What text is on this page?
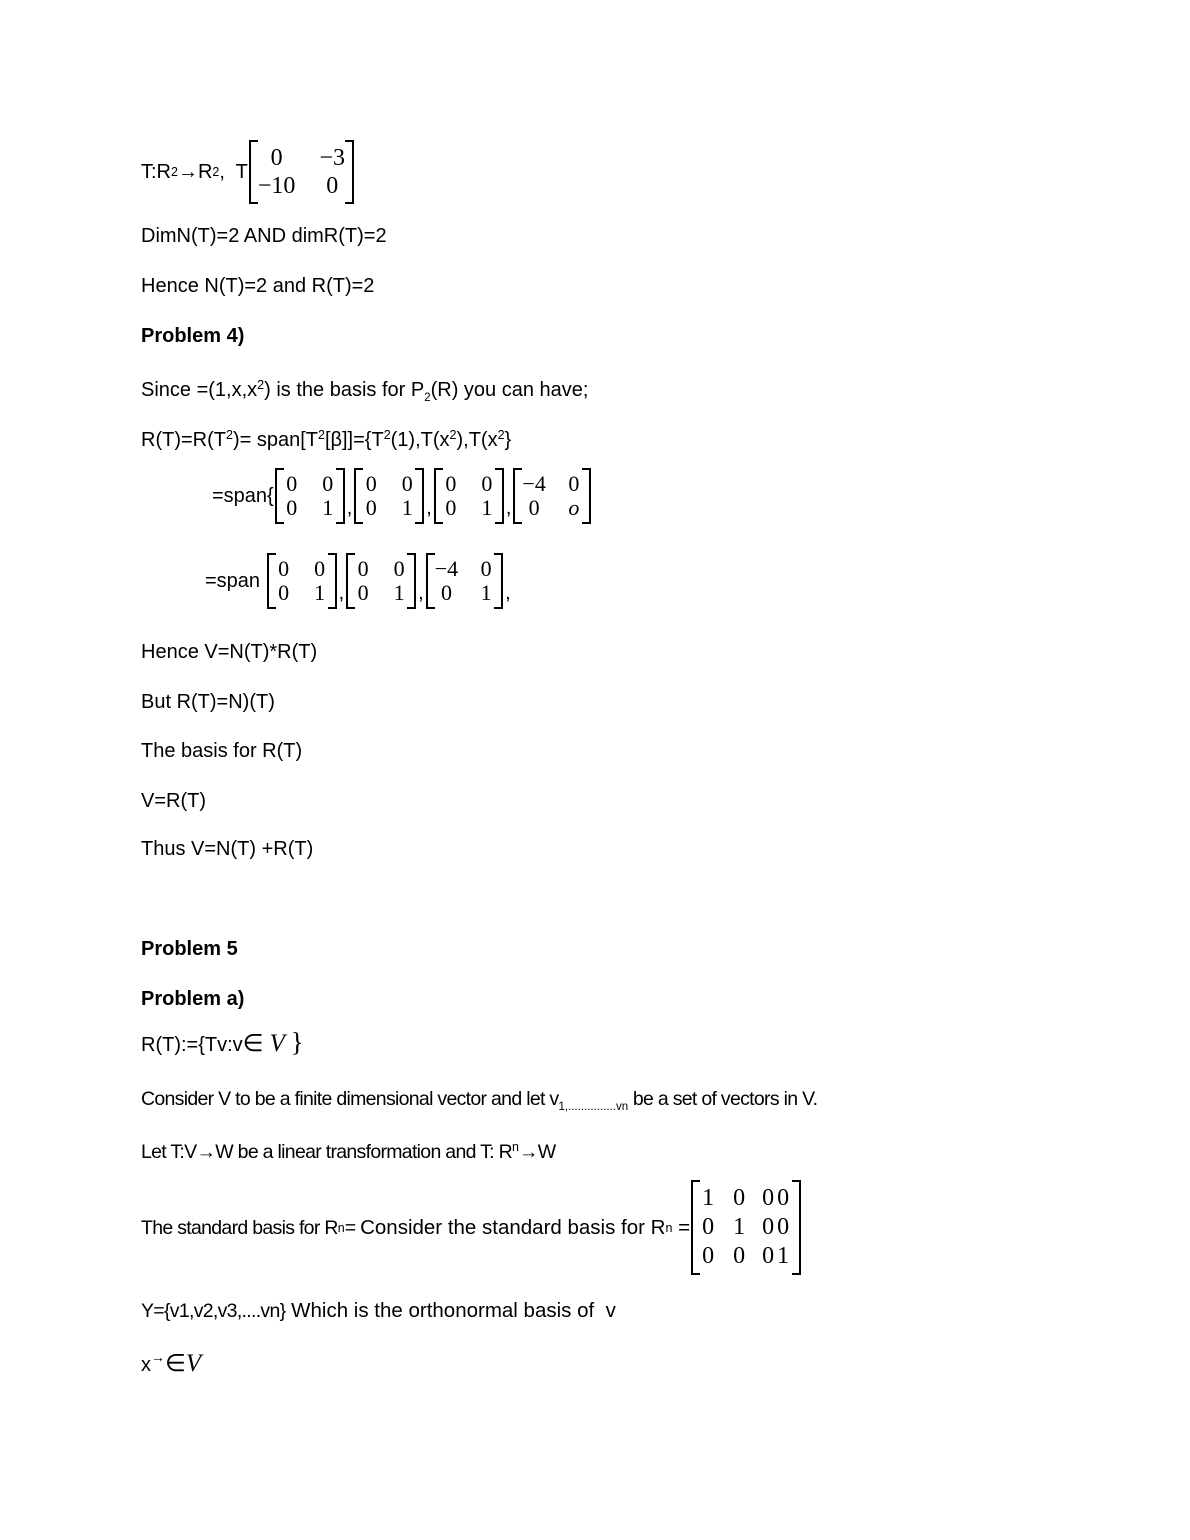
T:R 2 →R 2 ,  T
0 −3
−10 0

DimN(T)=2 AND dimR(T)=2

Hence N(T)=2 and R(T)=2

Problem 4)

Since $=(1,x,x^2)$ is the basis for $P_2(R)$ you can have;

$R(T)=R(T^2)=$ $span[T^2[\beta]]=\{T^2(1),T(x^2),T(x^2\}$

=span{ 0 0
0 1 ,
0 0
0 1 ,
0 0
0 1 ,
−4 0
0 o

=span 0 0
0 1 ,
0 0
0 1 ,
−4 0
0 1 ,

Hence V=N(T)*R(T)

But R(T)=N)(T)

The basis for R(T)

V=R(T)

Thus V=N(T) +R(T)

Problem 5

Problem a)

R(T):={Tv:v∈ V }

Consider V to be a finite dimensional vector and let $v_{1,...............vn}$ be a set of vectors in V.

Let T:V→W be a linear transformation and T: $R^n\to W$

The standard basis for R n = Consider the standard basis for R n =
1 0 00
0 1 00
0 0 01

Y={v1,v2,v3,....vn} Which is the orthonormal basis of  v

x→∈V
